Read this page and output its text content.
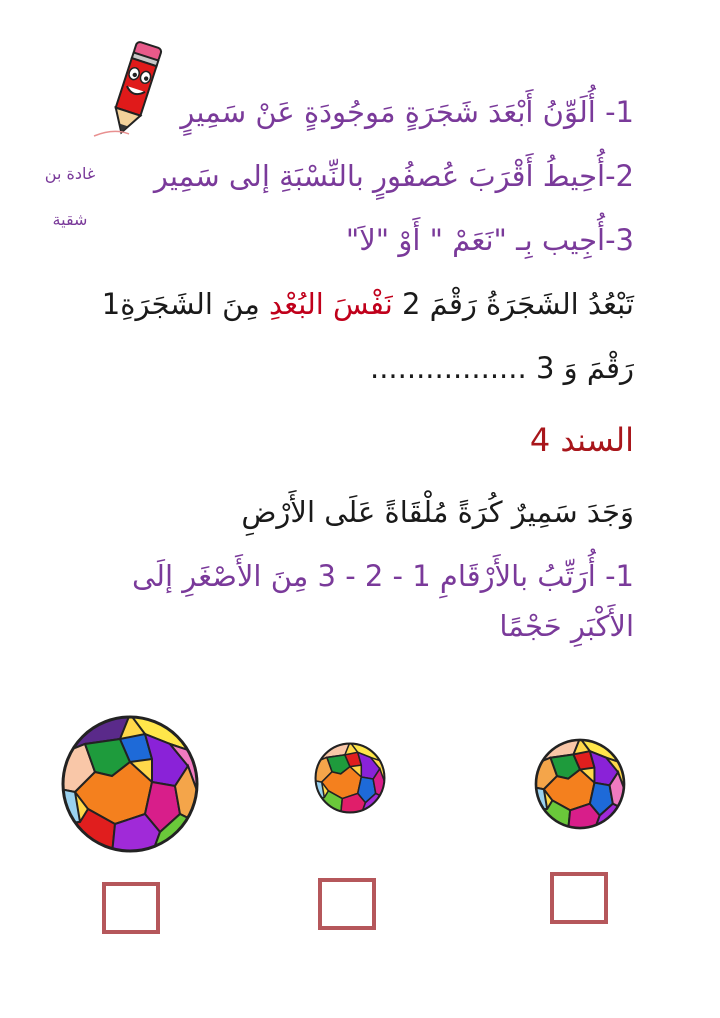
غادة بن
شقية
1- أُلَوِّنُ أَبْعَدَ شَجَرَةٍ مَوجُودَةٍ عَنْ سَمِيرٍ
2-أُحِيطُ أَقْرَبَ عُصفُورٍ بالنِّسْبَةِ إلى سَمِير
3-أُجِيب بِـ "نَعَمْ " أَوْ "لاَ"
تَبْعُدُ الشَجَرَةُ رَقْمَ 2 نَفْسَ البُعْدِ مِنَ الشَجَرَةِ1
رَقْمَ وَ 3 .................
السند 4
وَجَدَ سَمِيرٌ كُرَةً مُلْقَاةً عَلَى الأَرْضِ
1- أُرَتِّبُ بالأَرْقَامِ 1 - 2 - 3 مِنَ الأَصْغَرِ إلَى
الأَكْبَرِ حَجْمًا
